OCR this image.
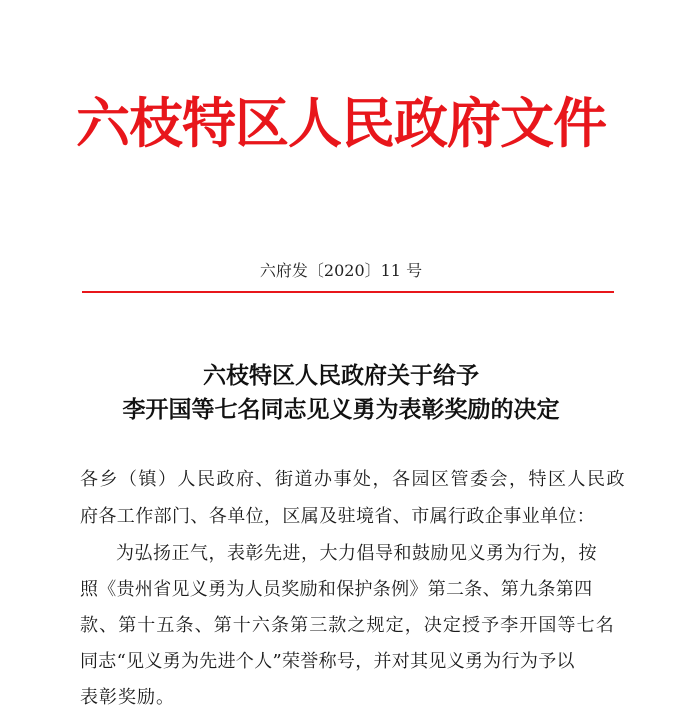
六枝特区人民政府文件
六府发〔2020〕11 号
六枝特区人民政府关于给予
李开国等七名同志见义勇为表彰奖励的决定
各乡（镇）人民政府、街道办事处，各园区管委会，特区人民政
府各工作部门、各单位，区属及驻境省、市属行政企事业单位：
为弘扬正气，表彰先进，大力倡导和鼓励见义勇为行为，按
照《贵州省见义勇为人员奖励和保护条例》第二条、第九条第四
款、第十五条、第十六条第三款之规定，决定授予李开国等七名
同志“见义勇为先进个人”荣誉称号，并对其见义勇为行为予以
表彰奖励。
